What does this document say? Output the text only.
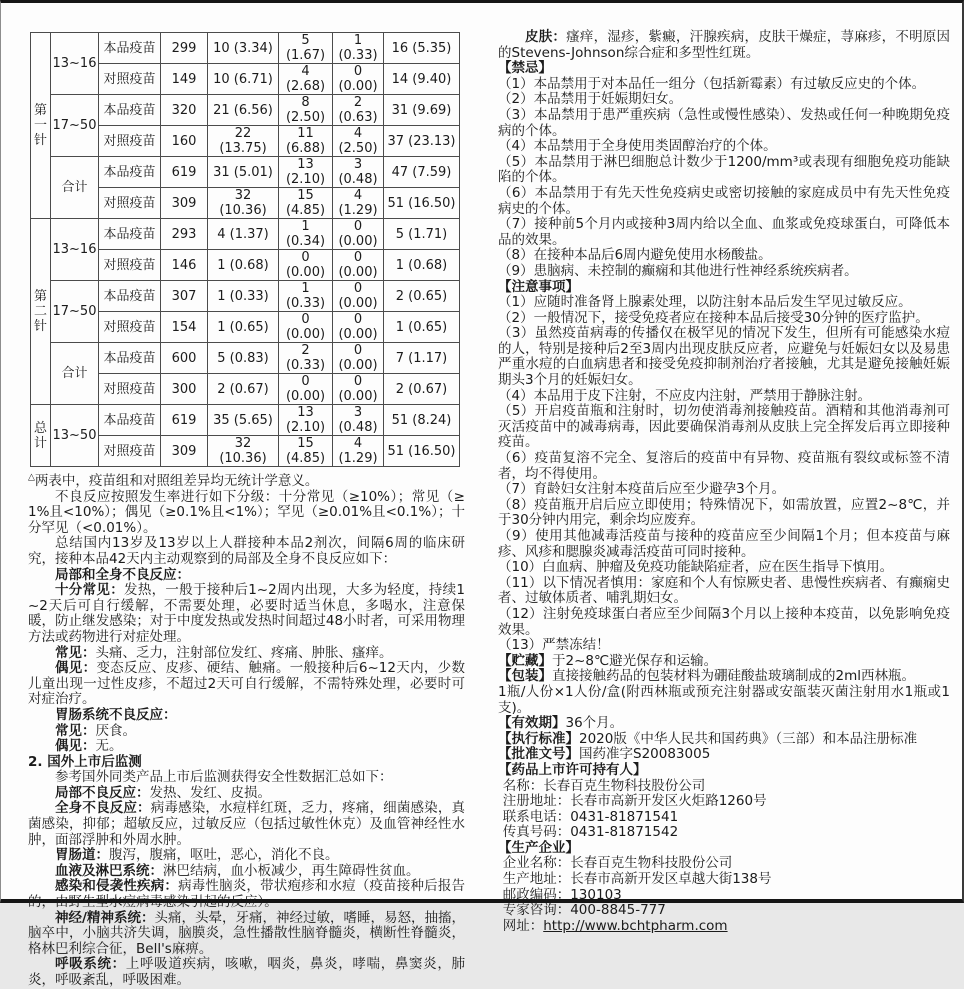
第一针	13~16	本品疫苗	299	10 (3.34)	5 (1.67)	1 (0.33)	16 (5.35)
		对照疫苗	149	10 (6.71)	4 (2.68)	0 (0.00)	14 (9.40)
	17~50	本品疫苗	320	21 (6.56)	8 (2.50)	2 (0.63)	31 (9.69)
		对照疫苗	160	22 (13.75)	11 (6.88)	4 (2.50)	37 (23.13)
	合计	本品疫苗	619	31 (5.01)	13 (2.10)	3 (0.48)	47 (7.59)
		对照疫苗	309	32 (10.36)	15 (4.85)	4 (1.29)	51 (16.50)

第二针	13~16	本品疫苗	293	4 (1.37)	1 (0.34)	0 (0.00)	5 (1.71)
		对照疫苗	146	1 (0.68)	0 (0.00)	0 (0.00)	1 (0.68)
	17~50	本品疫苗	307	1 (0.33)	1 (0.33)	0 (0.00)	2 (0.65)
		对照疫苗	154	1 (0.65)	0 (0.00)	0 (0.00)	1 (0.65)
	合计	本品疫苗	600	5 (0.83)	2 (0.33)	0 (0.00)	7 (1.17)
		对照疫苗	300	2 (0.67)	0 (0.00)	0 (0.00)	2 (0.67)

总计	13~50	本品疫苗	619	35 (5.65)	13 (2.10)	3 (0.48)	51 (8.24)
		对照疫苗	309	32 (10.36)	15 (4.85)	4 (1.29)	51 (16.50)

△两表中，疫苗组和对照组差异均无统计学意义。

不良反应按照发生率进行如下分级：十分常见（≥10%）；常见（≥1%且<10%）；偶见（≥0.1%且<1%）；罕见（≥0.01%且<0.1%）；十分罕见（<0.01%）。

总结国内13岁及13岁以上人群接种本品2剂次，间隔6周的临床研究，接种本品42天内主动观察到的局部及全身不良反应如下：

局部和全身不良反应：

十分常见：发热，一般于接种后1~2周内出现，大多为轻度，持续1~2天后可自行缓解，不需要处理，必要时适当休息，多喝水，注意保暖，防止继发感染；对于中度发热或发热时间超过48小时者，可采用物理方法或药物进行对症处理。

常见：头痛、乏力，注射部位发红、疼痛、肿胀、瘙痒。

偶见：变态反应、皮疹、硬结、触痛。一般接种后6~12天内，少数儿童出现一过性皮疹，不超过2天可自行缓解，不需特殊处理，必要时可对症治疗。

胃肠系统不良反应：

常见：厌食。

偶见：无。

2. 国外上市后监测

参考国外同类产品上市后监测获得安全性数据汇总如下：

局部不良反应：发热、发红、皮损。

全身不良反应：病毒感染，水痘样红斑，乏力，疼痛，细菌感染，真菌感染，抑郁；超敏反应，过敏反应（包括过敏性休克）及血管神经性水肿，面部浮肿和外周水肿。

胃肠道：腹泻，腹痛，呕吐，恶心，消化不良。

血液及淋巴系统：淋巴结病，血小板减少，再生障碍性贫血。

感染和侵袭性疾病：病毒性脑炎，带状疱疹和水痘（疫苗接种后报告的，由野生型水痘病毒感染引起的反应）。

神经/精神系统：头痛，头晕，牙痛，神经过敏，嗜睡，易怒，抽搐，脑卒中，小脑共济失调，脑膜炎，急性播散性脑脊髓炎，横断性脊髓炎，格林巴利综合征，Bell's麻痹。

呼吸系统：上呼吸道疾病，咳嗽，咽炎，鼻炎，哮喘，鼻窦炎，肺炎，呼吸紊乱，呼吸困难。

皮肤：瘙痒，湿疹，紫癜，汗腺疾病，皮肤干燥症，荨麻疹，不明原因的Stevens-Johnson综合症和多型性红斑。

【禁忌】

（1）本品禁用于对本品任一组分（包括新霉素）有过敏反应史的个体。

（2）本品禁用于妊娠期妇女。

（3）本品禁用于患严重疾病（急性或慢性感染）、发热或任何一种晚期免疫病的个体。

（4）本品禁用于全身使用类固醇治疗的个体。

（5）本品禁用于淋巴细胞总计数少于1200/mm³或表现有细胞免疫功能缺陷的个体。

（6）本品禁用于有先天性免疫病史或密切接触的家庭成员中有先天性免疫病史的个体。

（7）接种前5个月内或接种3周内给以全血、血浆或免疫球蛋白，可降低本品的效果。

（8）在接种本品后6周内避免使用水杨酸盐。

（9）患脑病、未控制的癫痫和其他进行性神经系统疾病者。

【注意事项】

（1）应随时准备肾上腺素处理，以防注射本品后发生罕见过敏反应。

（2）一般情况下，接受免疫者应在接种本品后接受30分钟的医疗监护。

（3）虽然疫苗病毒的传播仅在极罕见的情况下发生，但所有可能感染水痘的人，特别是接种后2至3周内出现皮肤反应者，应避免与妊娠妇女以及易患严重水痘的白血病患者和接受免疫抑制剂治疗者接触，尤其是避免接触妊娠期头3个月的妊娠妇女。

（4）本品用于皮下注射，不应皮内注射，严禁用于静脉注射。

（5）开启疫苗瓶和注射时，切勿使消毒剂接触疫苗。酒精和其他消毒剂可灭活疫苗中的减毒病毒，因此要确保消毒剂从皮肤上完全挥发后再立即接种疫苗。

（6）疫苗复溶不完全、复溶后的疫苗中有异物、疫苗瓶有裂纹或标签不清者，均不得使用。

（7）育龄妇女注射本疫苗后应至少避孕3个月。

（8）疫苗瓶开启后应立即使用；特殊情况下，如需放置，应置2~8℃，并于30分钟内用完，剩余均应废弃。

（9）使用其他减毒活疫苗与接种的疫苗应至少间隔1个月；但本疫苗与麻疹、风疹和腮腺炎减毒活疫苗可同时接种。

（10）白血病、肿瘤及免疫功能缺陷症者，应在医生指导下慎用。

（11）以下情况者慎用：家庭和个人有惊厥史者、患慢性疾病者、有癫痫史者、过敏体质者、哺乳期妇女。

（12）注射免疫球蛋白者应至少间隔3个月以上接种本疫苗，以免影响免疫效果。

（13）严禁冻结！

【贮藏】于2~8℃避光保存和运输。

【包装】直接接触药品的包装材料为硼硅酸盐玻璃制成的2ml西林瓶。

1瓶/人份×1人份/盒(附西林瓶或预充注射器或安瓿装灭菌注射用水1瓶或1支)。

【有效期】36个月。

【执行标准】2020版《中华人民共和国药典》（三部）和本品注册标准

【批准文号】国药准字S20083005

【药品上市许可持有人】

名称：长春百克生物科技股份公司

注册地址：长春市高新开发区火炬路1260号

联系电话：0431-81871541

传真号码：0431-81871542

【生产企业】

企业名称：长春百克生物科技股份公司

生产地址：长春市高新开发区卓越大街138号

邮政编码：130103

专家咨询：400-8845-777

网址：http://www.bchtpharm.com
